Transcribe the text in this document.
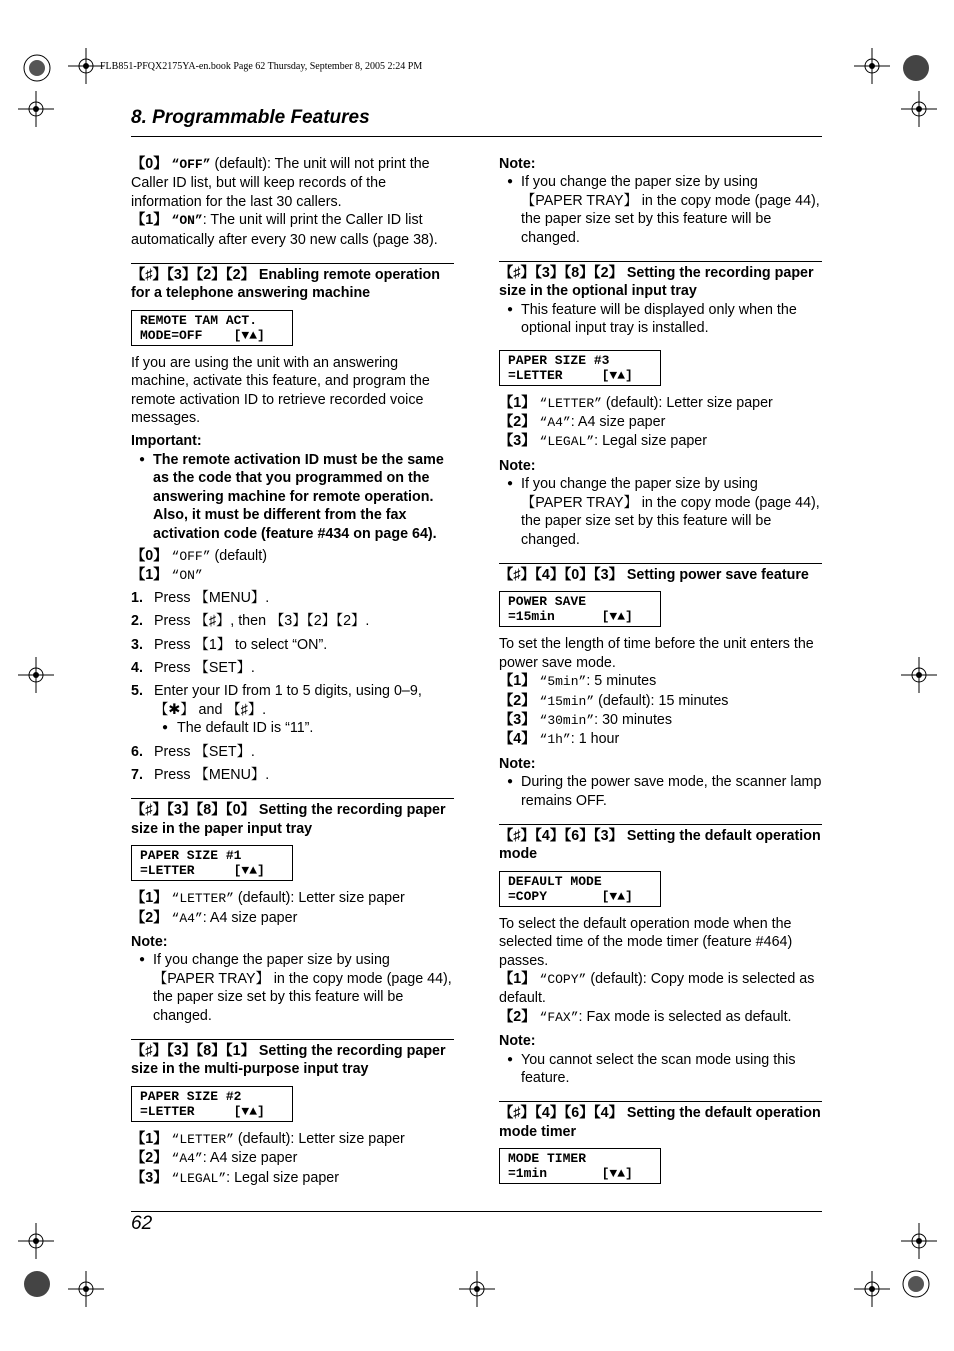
FLB851-PFQX2175YA-en.book Page 62 Thursday, September 8, 2005 2:24 PM
8. Programmable Features

【0】 “OFF” (default): The unit will not print the Caller ID list, but will keep records of the information for the last 30 callers.

【1】 “ON”: The unit will print the Caller ID list automatically after every 30 new calls (page 38).

【♯】【3】【2】【2】 Enabling remote operation for a telephone answering machine
REMOTE TAM ACT.
MODE=OFF    [▼▲]

If you are using the unit with an answering machine, activate this feature, and program the remote activation ID to retrieve recorded voice messages.

Important:

● The remote activation ID must be the same as the code that you programmed on the answering machine for remote operation. Also, it must be different from the fax activation code (feature #434 on page 64).

【0】 “OFF” (default)

【1】 “ON”

1. Press 【MENU】.
2. Press 【♯】, then 【3】【2】【2】.
3. Press 【1】 to select “ON”.
4. Press 【SET】.
5. Enter your ID from 1 to 5 digits, using 0–9, 【✱】 and 【♯】.
● The default ID is “11”.
6. Press 【SET】.
7. Press 【MENU】.
【♯】【3】【8】【0】 Setting the recording paper size in the paper input tray
PAPER SIZE #1
=LETTER     [▼▲]

【1】 “LETTER” (default): Letter size paper

【2】 “A4”: A4 size paper

Note:

● If you change the paper size by using 【PAPER TRAY】 in the copy mode (page 44), the paper size set by this feature will be changed.

【♯】【3】【8】【1】 Setting the recording paper size in the multi-purpose input tray
PAPER SIZE #2
=LETTER     [▼▲]

【1】 “LETTER” (default): Letter size paper

【2】 “A4”: A4 size paper

【3】 “LEGAL”: Legal size paper

Note:

● If you change the paper size by using 【PAPER TRAY】 in the copy mode (page 44), the paper size set by this feature will be changed.

【♯】【3】【8】【2】 Setting the recording paper size in the optional input tray

● This feature will be displayed only when the optional input tray is installed.

PAPER SIZE #3
=LETTER     [▼▲]

【1】 “LETTER” (default): Letter size paper

【2】 “A4”: A4 size paper

【3】 “LEGAL”: Legal size paper

Note:

● If you change the paper size by using 【PAPER TRAY】 in the copy mode (page 44), the paper size set by this feature will be changed.

【♯】【4】【0】【3】 Setting power save feature
POWER SAVE
=15min      [▼▲]

To set the length of time before the unit enters the power save mode.

【1】 “5min”: 5 minutes

【2】 “15min” (default): 15 minutes

【3】 “30min”: 30 minutes

【4】 “1h”: 1 hour

Note:

● During the power save mode, the scanner lamp remains OFF.

【♯】【4】【6】【3】 Setting the default operation mode
DEFAULT MODE
=COPY       [▼▲]

To select the default operation mode when the selected time of the mode timer (feature #464) passes.

【1】 “COPY” (default): Copy mode is selected as default.

【2】 “FAX”: Fax mode is selected as default.

Note:

● You cannot select the scan mode using this feature.

【♯】【4】【6】【4】 Setting the default operation mode timer
MODE TIMER
=1min       [▼▲]
62
